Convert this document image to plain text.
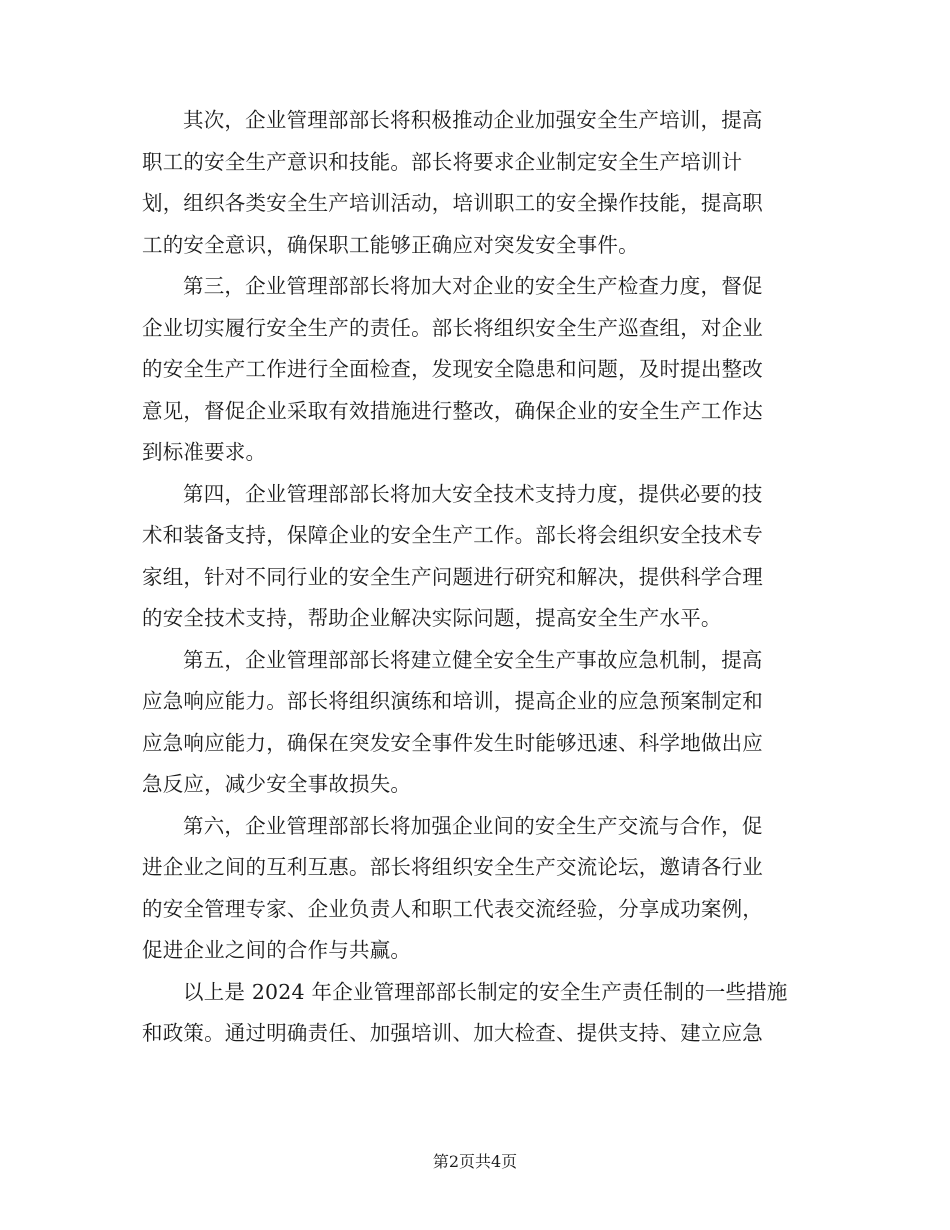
其次，企业管理部部长将积极推动企业加强安全生产培训，提高
职工的安全生产意识和技能。部长将要求企业制定安全生产培训计
划，组织各类安全生产培训活动，培训职工的安全操作技能，提高职
工的安全意识，确保职工能够正确应对突发安全事件。
第三，企业管理部部长将加大对企业的安全生产检查力度，督促
企业切实履行安全生产的责任。部长将组织安全生产巡查组，对企业
的安全生产工作进行全面检查，发现安全隐患和问题，及时提出整改
意见，督促企业采取有效措施进行整改，确保企业的安全生产工作达
到标准要求。
第四，企业管理部部长将加大安全技术支持力度，提供必要的技
术和装备支持，保障企业的安全生产工作。部长将会组织安全技术专
家组，针对不同行业的安全生产问题进行研究和解决，提供科学合理
的安全技术支持，帮助企业解决实际问题，提高安全生产水平。
第五，企业管理部部长将建立健全安全生产事故应急机制，提高
应急响应能力。部长将组织演练和培训，提高企业的应急预案制定和
应急响应能力，确保在突发安全事件发生时能够迅速、科学地做出应
急反应，减少安全事故损失。
第六，企业管理部部长将加强企业间的安全生产交流与合作，促
进企业之间的互利互惠。部长将组织安全生产交流论坛，邀请各行业
的安全管理专家、企业负责人和职工代表交流经验，分享成功案例，
促进企业之间的合作与共赢。
以上是 2024 年企业管理部部长制定的安全生产责任制的一些措施
和政策。通过明确责任、加强培训、加大检查、提供支持、建立应急
第2页共4页
